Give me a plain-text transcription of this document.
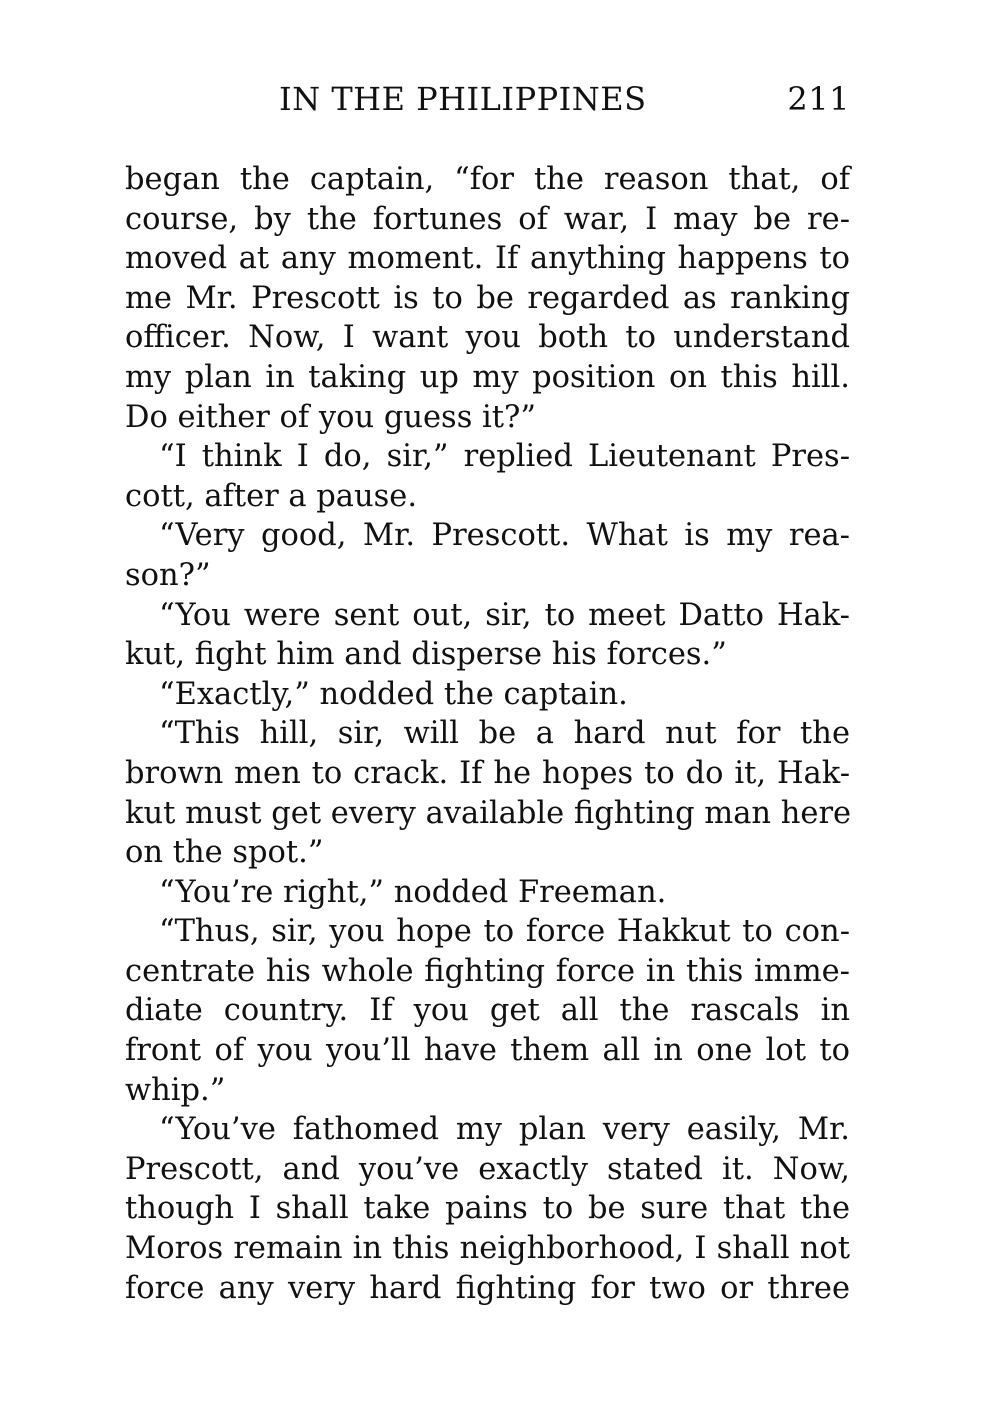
IN THE PHILIPPINES	211
began the captain, “for the reason that, of
course, by the fortunes of war, I may be re-
moved at any moment. If anything happens to
me Mr. Prescott is to be regarded as ranking
officer. Now, I want you both to understand
my plan in taking up my position on this hill.
Do either of you guess it?”
“I think I do, sir,” replied Lieutenant Pres-
cott, after a pause.
“Very good, Mr. Prescott. What is my rea-
son?”
“You were sent out, sir, to meet Datto Hak-
kut, fight him and disperse his forces.”
“Exactly,” nodded the captain.
“This hill, sir, will be a hard nut for the
brown men to crack. If he hopes to do it, Hak-
kut must get every available fighting man here
on the spot.”
“You’re right,” nodded Freeman.
“Thus, sir, you hope to force Hakkut to con-
centrate his whole fighting force in this imme-
diate country. If you get all the rascals in
front of you you’ll have them all in one lot to
whip.”
“You’ve fathomed my plan very easily, Mr.
Prescott, and you’ve exactly stated it. Now,
though I shall take pains to be sure that the
Moros remain in this neighborhood, I shall not
force any very hard fighting for two or three
